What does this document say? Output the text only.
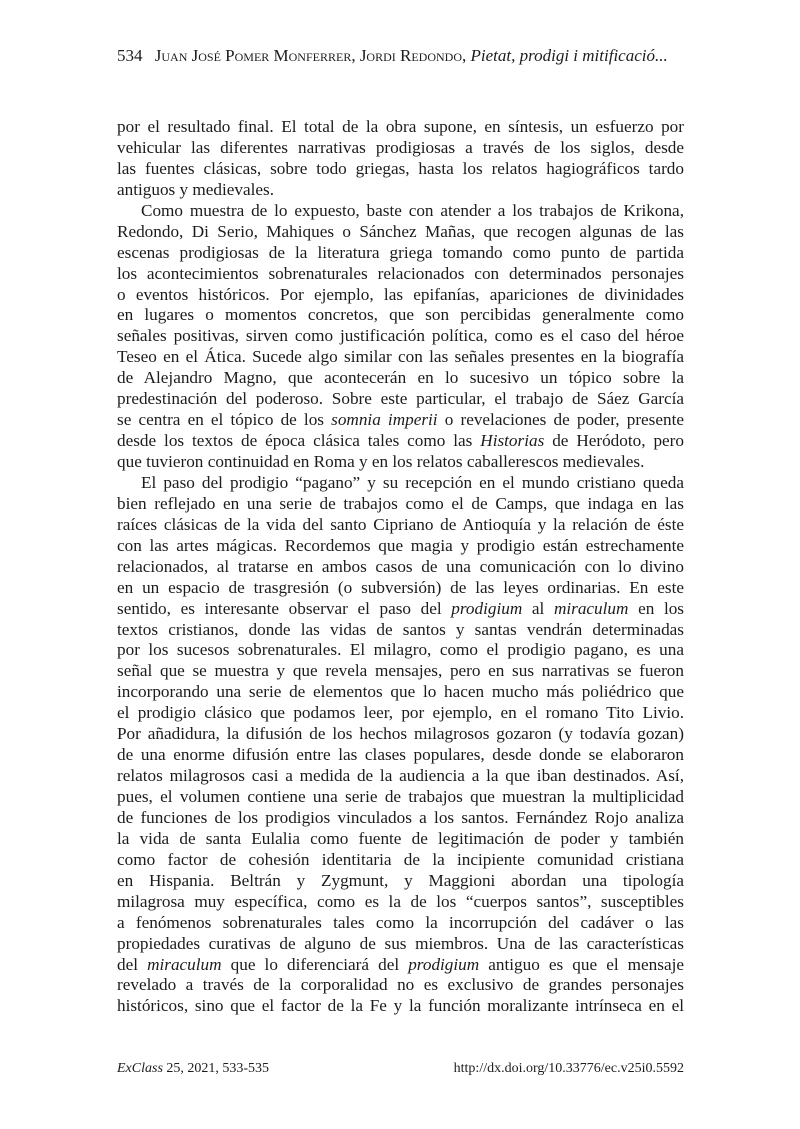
534 Juan José Pomer Monferrer, Jordi Redondo, Pietat, prodigi i mitificació...
por el resultado final. El total de la obra supone, en síntesis, un esfuerzo por
vehicular las diferentes narrativas prodigiosas a través de los siglos, desde
las fuentes clásicas, sobre todo griegas, hasta los relatos hagiográficos tardo
antiguos y medievales.
Como muestra de lo expuesto, baste con atender a los trabajos de Krikona,
Redondo, Di Serio, Mahiques o Sánchez Mañas, que recogen algunas de las
escenas prodigiosas de la literatura griega tomando como punto de partida
los acontecimientos sobrenaturales relacionados con determinados personajes
o eventos históricos. Por ejemplo, las epifanías, apariciones de divinidades
en lugares o momentos concretos, que son percibidas generalmente como
señales positivas, sirven como justificación política, como es el caso del héroe
Teseo en el Ática. Sucede algo similar con las señales presentes en la biografía
de Alejandro Magno, que acontecerán en lo sucesivo un tópico sobre la
predestinación del poderoso. Sobre este particular, el trabajo de Sáez García
se centra en el tópico de los somnia imperii o revelaciones de poder, presente
desde los textos de época clásica tales como las Historias de Heródoto, pero
que tuvieron continuidad en Roma y en los relatos caballerescos medievales.
El paso del prodigio “pagano” y su recepción en el mundo cristiano queda
bien reflejado en una serie de trabajos como el de Camps, que indaga en las
raíces clásicas de la vida del santo Cipriano de Antioquía y la relación de éste
con las artes mágicas. Recordemos que magia y prodigio están estrechamente
relacionados, al tratarse en ambos casos de una comunicación con lo divino
en un espacio de trasgresión (o subversión) de las leyes ordinarias. En este
sentido, es interesante observar el paso del prodigium al miraculum en los
textos cristianos, donde las vidas de santos y santas vendrán determinadas
por los sucesos sobrenaturales. El milagro, como el prodigio pagano, es una
señal que se muestra y que revela mensajes, pero en sus narrativas se fueron
incorporando una serie de elementos que lo hacen mucho más poliédrico que
el prodigio clásico que podamos leer, por ejemplo, en el romano Tito Livio.
Por añadidura, la difusión de los hechos milagrosos gozaron (y todavía gozan)
de una enorme difusión entre las clases populares, desde donde se elaboraron
relatos milagrosos casi a medida de la audiencia a la que iban destinados. Así,
pues, el volumen contiene una serie de trabajos que muestran la multiplicidad
de funciones de los prodigios vinculados a los santos. Fernández Rojo analiza
la vida de santa Eulalia como fuente de legitimación de poder y también
como factor de cohesión identitaria de la incipiente comunidad cristiana
en Hispania. Beltrán y Zygmunt, y Maggioni abordan una tipología
milagrosa muy específica, como es la de los “cuerpos santos”, susceptibles
a fenómenos sobrenaturales tales como la incorrupción del cadáver o las
propiedades curativas de alguno de sus miembros. Una de las características
del miraculum que lo diferenciará del prodigium antiguo es que el mensaje
revelado a través de la corporalidad no es exclusivo de grandes personajes
históricos, sino que el factor de la Fe y la función moralizante intrínseca en el
ExClass 25, 2021, 533-535	http://dx.doi.org/10.33776/ec.v25i0.5592
